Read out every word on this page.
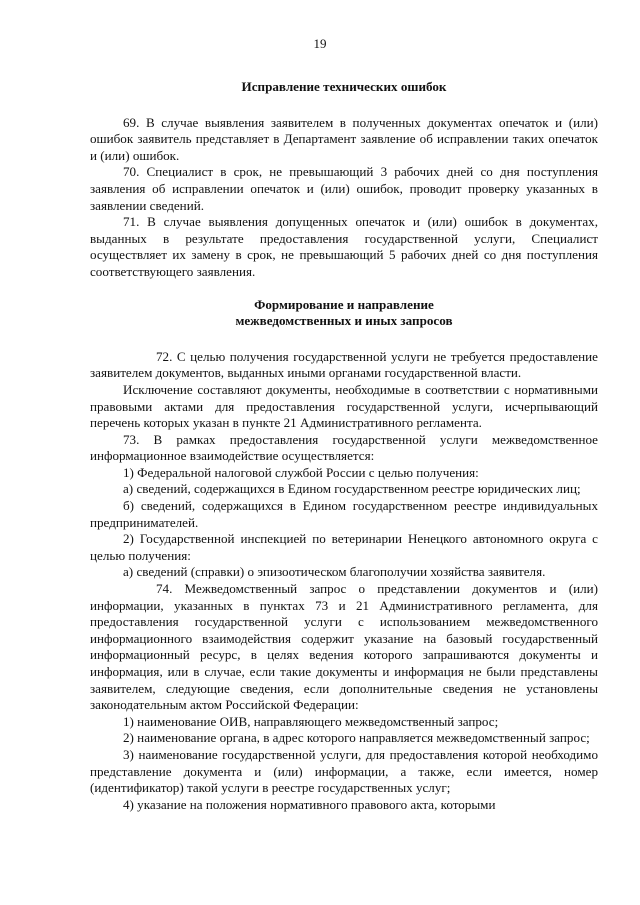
19

Исправление технических ошибок

69. В случае выявления заявителем в полученных документах опечаток и (или) ошибок заявитель представляет в Департамент заявление об исправлении таких опечаток и (или) ошибок.

70. Специалист в срок, не превышающий 3 рабочих дней со дня поступления заявления об исправлении опечаток и (или) ошибок, проводит проверку указанных в заявлении сведений.

71. В случае выявления допущенных опечаток и (или) ошибок в документах, выданных в результате предоставления государственной услуги, Специалист осуществляет их замену в срок, не превышающий 5 рабочих дней со дня поступления соответствующего заявления.

Формирование и направление

межведомственных и иных запросов

72. С целью получения государственной услуги не требуется предоставление заявителем документов, выданных иными органами государственной власти.

Исключение составляют документы, необходимые в соответствии с нормативными правовыми актами для предоставления государственной услуги, исчерпывающий перечень которых указан в пункте 21 Административного регламента.

73. В рамках предоставления государственной услуги межведомственное информационное взаимодействие осуществляется:

1) Федеральной налоговой службой России с целью получения:

а) сведений, содержащихся в Едином государственном реестре юридических лиц;

б) сведений, содержащихся в Едином государственном реестре индивидуальных предпринимателей.

2) Государственной инспекцией по ветеринарии Ненецкого автономного округа с целью получения:

а) сведений (справки) о эпизоотическом благополучии хозяйства заявителя.

74. Межведомственный запрос о представлении документов и (или) информации, указанных в пунктах 73 и 21 Административного регламента, для предоставления государственной услуги с использованием межведомственного информационного взаимодействия содержит указание на базовый государственный информационный ресурс, в целях ведения которого запрашиваются документы и информация, или в случае, если такие документы и информация не были представлены заявителем, следующие сведения, если дополнительные сведения не установлены законодательным актом Российской Федерации:

1) наименование ОИВ, направляющего межведомственный запрос;

2) наименование органа, в адрес которого направляется межведомственный запрос;

3) наименование государственной услуги, для предоставления которой необходимо представление документа и (или) информации, а также, если имеется, номер (идентификатор) такой услуги в реестре государственных услуг;

4) указание на положения нормативного правового акта, которыми
